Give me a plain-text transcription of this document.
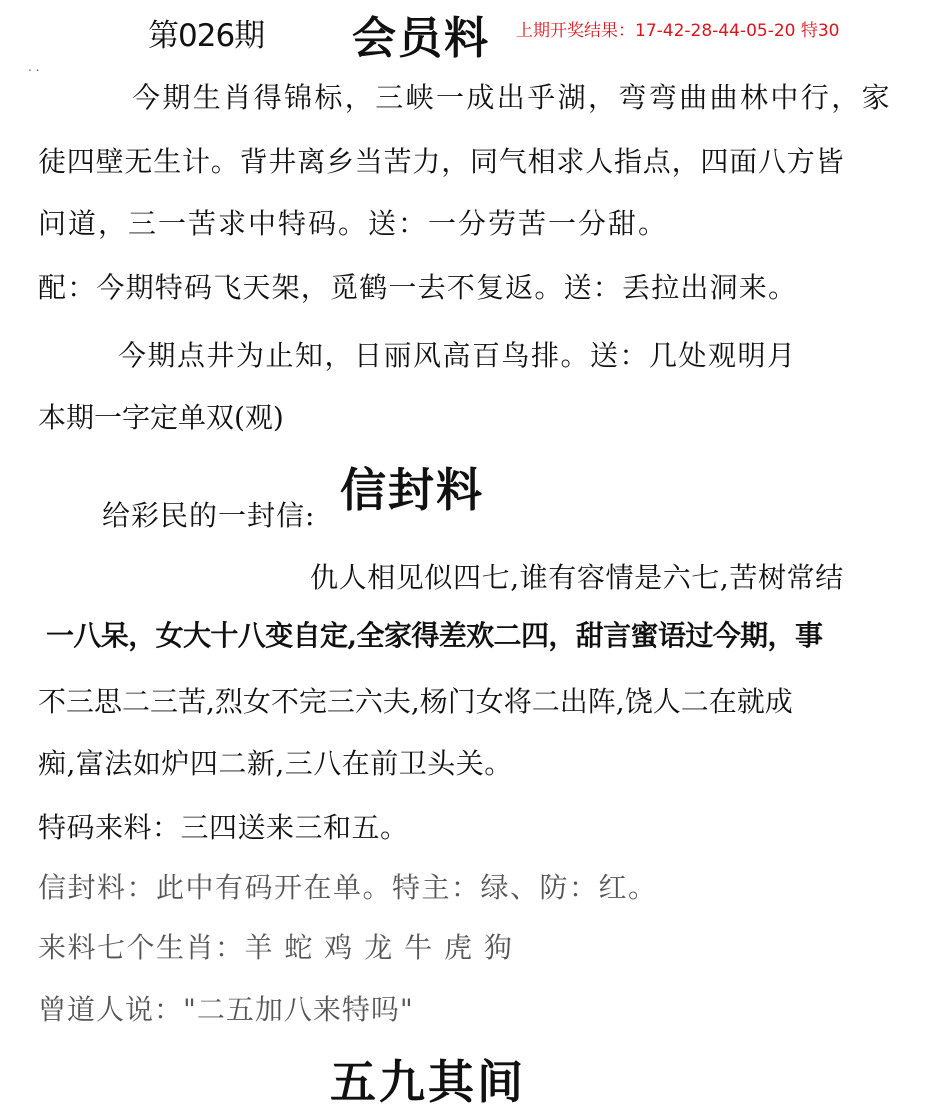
第026期 会员料 上期开奖结果：17-42-28-44-05-20 特30
. .
今期生肖得锦标，三峡一成出乎湖，弯弯曲曲林中行，家
徒四壁无生计。背井离乡当苦力，同气相求人指点，四面八方皆
问道，三一苦求中特码。送：一分劳苦一分甜。
配：今期特码飞天架，觅鹤一去不复返。送：丢拉出洞来。
今期点井为止知，日丽风高百鸟排。送：几处观明月
本期一字定单双(观)
信封料
给彩民的一封信:
仇人相见似四七,谁有容情是六七,苦树常结
一八呆，女大十八变自定,全家得差欢二四，甜言蜜语过今期，事
不三思二三苦,烈女不完三六夫,杨门女将二出阵,饶人二在就成
痴,富法如炉四二新,三八在前卫头关。
特码来料：三四送来三和五。
信封料：此中有码开在单。特主：绿、防：红。
来料七个生肖：羊 蛇 鸡 龙 牛 虎 狗
曾道人说："二五加八来特吗"
五九其间
